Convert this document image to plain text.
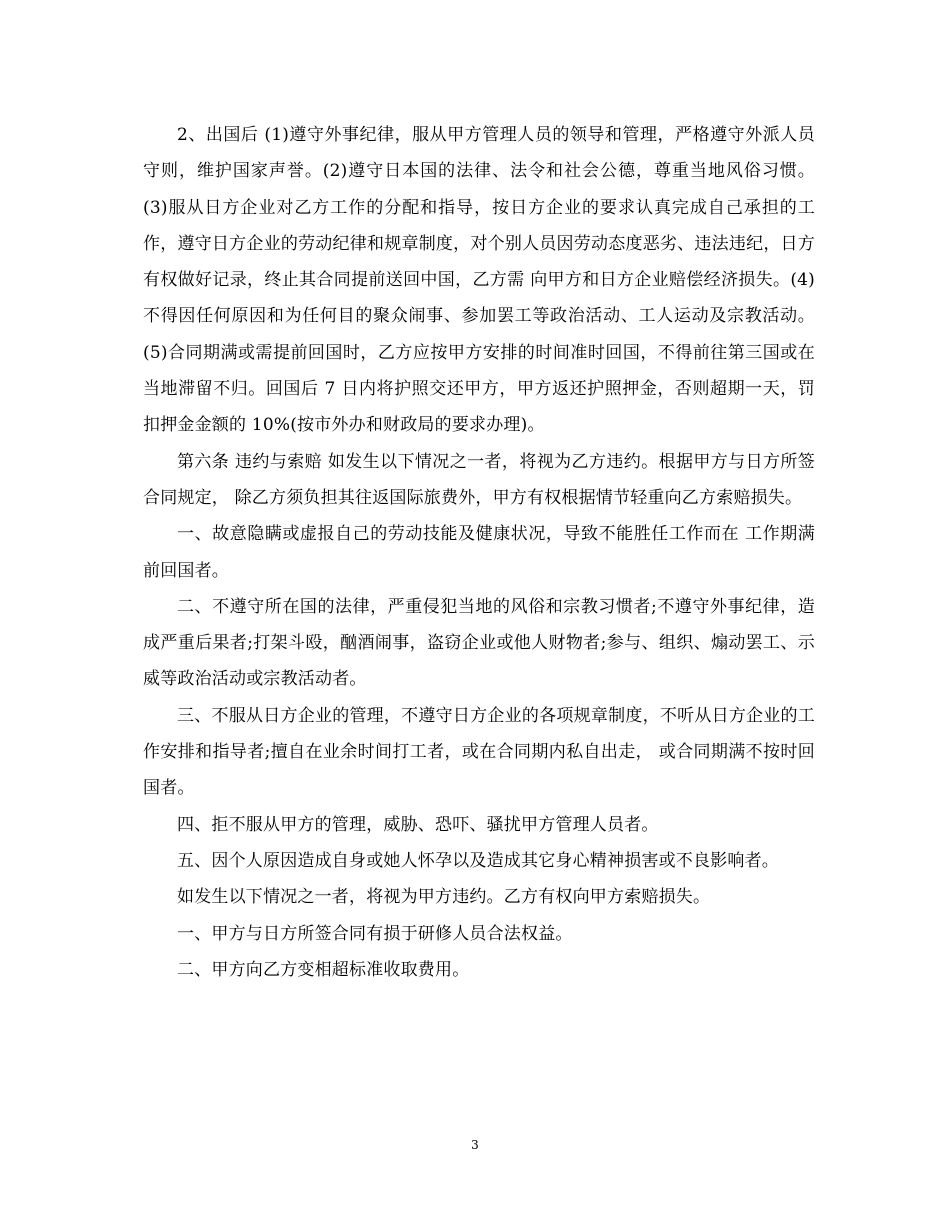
2、出国后 (1)遵守外事纪律，服从甲方管理人员的领导和管理，严格遵守外派人员守则，维护国家声誉。(2)遵守日本国的法律、法令和社会公德，尊重当地风俗习惯。 (3)服从日方企业对乙方工作的分配和指导，按日方企业的要求认真完成自己承担的工作，遵守日方企业的劳动纪律和规章制度，对个别人员因劳动态度恶劣、违法违纪，日方有权做好记录，终止其合同提前送回中国，乙方需 向甲方和日方企业赔偿经济损失。(4)不得因任何原因和为任何目的聚众闹事、参加罢工等政治活动、工人运动及宗教活动。(5)合同期满或需提前回国时，乙方应按甲方安排的时间准时回国，不得前往第三国或在当地滞留不归。回国后 7 日内将护照交还甲方，甲方返还护照押金，否则超期一天，罚扣押金金额的 10%(按市外办和财政局的要求办理)。

第六条 违约与索赔 如发生以下情况之一者，将视为乙方违约。根据甲方与日方所签合同规定， 除乙方须负担其往返国际旅费外，甲方有权根据情节轻重向乙方索赔损失。

一、故意隐瞒或虚报自己的劳动技能及健康状况，导致不能胜任工作而在 工作期满前回国者。

二、不遵守所在国的法律，严重侵犯当地的风俗和宗教习惯者;不遵守外事纪律，造成严重后果者;打架斗殴，酗酒闹事，盗窃企业或他人财物者;参与、组织、煽动罢工、示威等政治活动或宗教活动者。

三、不服从日方企业的管理，不遵守日方企业的各项规章制度，不听从日方企业的工作安排和指导者;擅自在业余时间打工者，或在合同期内私自出走， 或合同期满不按时回国者。

四、拒不服从甲方的管理，威胁、恐吓、骚扰甲方管理人员者。

五、因个人原因造成自身或她人怀孕以及造成其它身心精神损害或不良影响者。

如发生以下情况之一者，将视为甲方违约。乙方有权向甲方索赔损失。

一、甲方与日方所签合同有损于研修人员合法权益。

二、甲方向乙方变相超标准收取费用。

3
